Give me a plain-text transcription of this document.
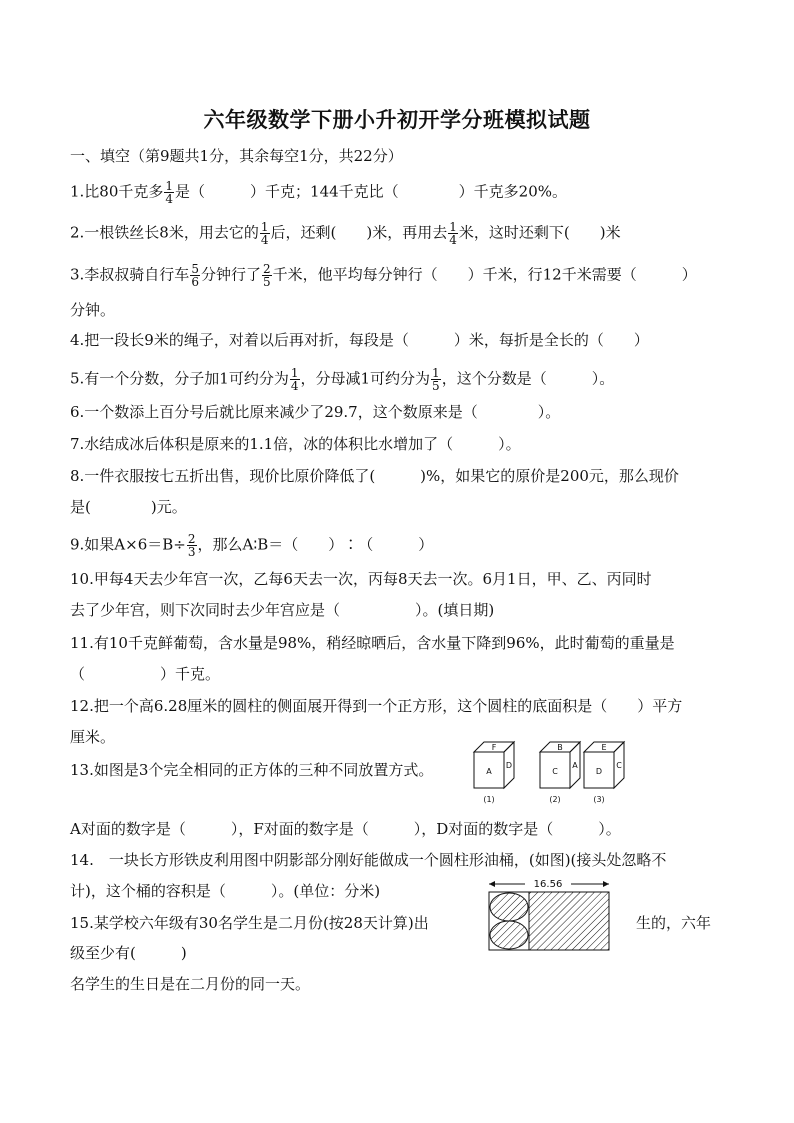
六年级数学下册小升初开学分班模拟试题
一、填空（第9题共1分，其余每空1分，共22分）
1.比80千克多 $\frac{1}{4}$ 是（　　　）千克；144千克比（　　　　）千克多20%。
2.一根铁丝长8米，用去它的 $\frac{1}{4}$ 后，还剩(　　)米，再用去 $\frac{1}{4}$ 米，这时还剩下(　　)米
3.李叔叔骑自行车 $\frac{5}{6}$ 分钟行了 $\frac{2}{5}$ 千米，他平均每分钟行（　　）千米，行12千米需要（　　　）
分钟。
4.把一段长9米的绳子，对着以后再对折，每段是（　　　）米，每折是全长的（　　）
5.有一个分数，分子加1可约分为 $\frac{1}{4}$ ，分母减1可约分为 $\frac{1}{5}$ ，这个分数是（　　　）。
6.一个数添上百分号后就比原来减少了29.7，这个数原来是（　　　　）。
7.水结成冰后体积是原来的1.1倍，冰的体积比水增加了（　　　）。
8.一件衣服按七五折出售，现价比原价降低了(　　　)%，如果它的原价是200元，那么现价
是(　　　　)元。
9.如果$A\times 6=B\div \frac{2}{3}$ ，那么A∶B＝（　　）∶（　　　）
10.甲每4天去少年宫一次，乙每6天去一次，丙每8天去一次。6月1日，甲、乙、丙同时
去了少年宫，则下次同时去少年宫应是（　　　　　）。(填日期)
11.有10千克鲜葡萄，含水量是98%，稍经晾晒后，含水量下降到96%，此时葡萄的重量是
（　　　　　）千克。
12.把一个高6.28厘米的圆柱的侧面展开得到一个正方形，这个圆柱的底面积是（　　）平方
厘米。
13.如图是3个完全相同的正方体的三种不同放置方式。	A
F
D
(1)
C
B
A
(2)
D
E
C
(3)
A对面的数字是（　　　），F对面的数字是（　　　），D对面的数字是（　　　）。
14.　一块长方形铁皮利用图中阴影部分刚好能做成一个圆柱形油桶，(如图)(接头处忽略不
计)，这个桶的容积是（　　　）。(单位：分米)	16.56
15.某学校六年级有30名学生是二月份(按28天计算)出	生的，六年
级至少有(　　　)
名学生的生日是在二月份的同一天。
